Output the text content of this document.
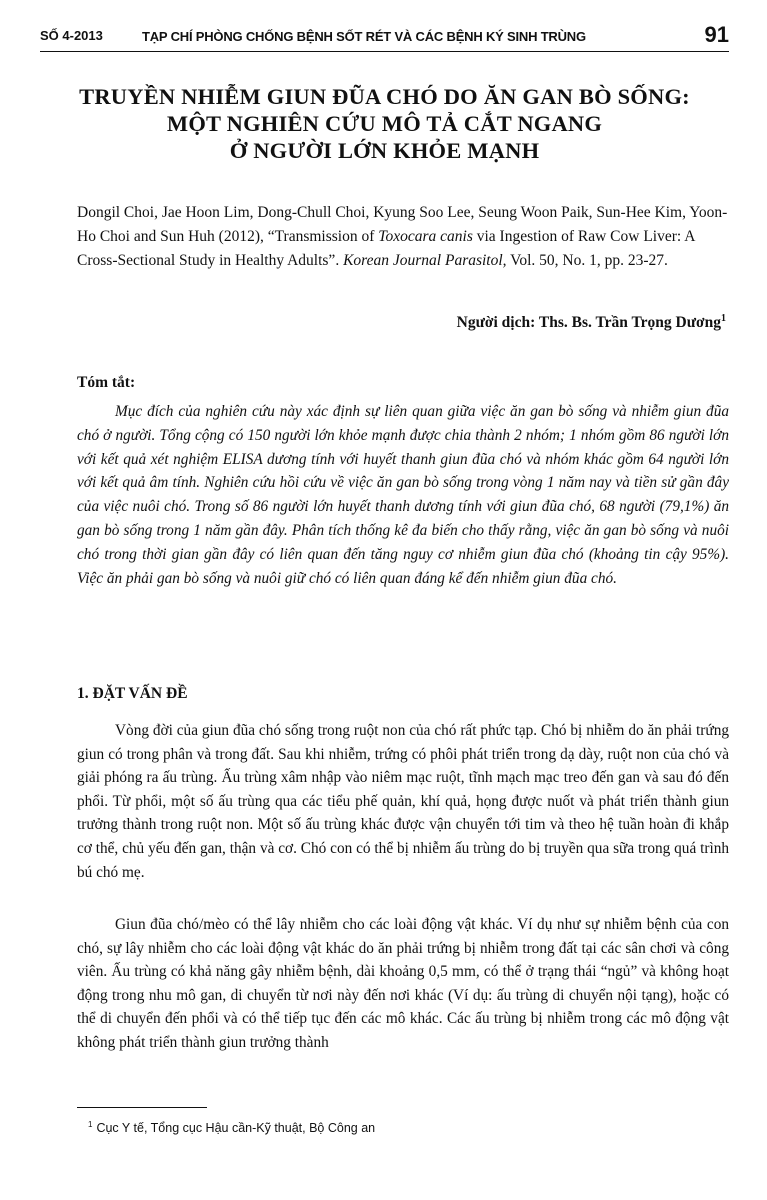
SỐ 4-2013	TẠP CHÍ PHÒNG CHỐNG BỆNH SỐT RÉT VÀ CÁC BỆNH KÝ SINH TRÙNG	91
TRUYỀN NHIỄM GIUN ĐŨA CHÓ DO ĂN GAN BÒ SỐNG:
MỘT NGHIÊN CỨU MÔ TẢ CẮT NGANG
Ở NGƯỜI LỚN KHỎE MẠNH
Dongil Choi, Jae Hoon Lim, Dong-Chull Choi, Kyung Soo Lee, Seung Woon Paik, Sun-Hee Kim, Yoon-Ho Choi and Sun Huh (2012), “Transmission of Toxocara canis via Ingestion of Raw Cow Liver: A Cross-Sectional Study in Healthy Adults”. Korean Journal Parasitol, Vol. 50, No. 1, pp. 23-27.
Người dịch: Ths. Bs. Trần Trọng Dương$^1$
Tóm tắt:
Mục đích của nghiên cứu này xác định sự liên quan giữa việc ăn gan bò sống và nhiễm giun đũa chó ở người. Tổng cộng có 150 người lớn khỏe mạnh được chia thành 2 nhóm; 1 nhóm gồm 86 người lớn với kết quả xét nghiệm ELISA dương tính với huyết thanh giun đũa chó và nhóm khác gồm 64 người lớn với kết quả âm tính. Nghiên cứu hồi cứu về việc ăn gan bò sống trong vòng 1 năm nay và tiền sử gần đây của việc nuôi chó. Trong số 86 người lớn huyết thanh dương tính với giun đũa chó, 68 người (79,1%) ăn gan bò sống trong 1 năm gần đây. Phân tích thống kê đa biến cho thấy rằng, việc ăn gan bò sống và nuôi chó trong thời gian gần đây có liên quan đến tăng nguy cơ nhiễm giun đũa chó (khoảng tin cậy 95%). Việc ăn phải gan bò sống và nuôi giữ chó có liên quan đáng kể đến nhiễm giun đũa chó.
1. ĐẶT VẤN ĐỀ
Vòng đời của giun đũa chó sống trong ruột non của chó rất phức tạp. Chó bị nhiễm do ăn phải trứng giun có trong phân và trong đất. Sau khi nhiễm, trứng có phôi phát triển trong dạ dày, ruột non của chó và giải phóng ra ấu trùng. Ấu trùng xâm nhập vào niêm mạc ruột, tĩnh mạch mạc treo đến gan và sau đó đến phổi. Từ phổi, một số ấu trùng qua các tiểu phế quản, khí quả, họng được nuốt và phát triển thành giun trưởng thành trong ruột non. Một số ấu trùng khác được vận chuyển tới tim và theo hệ tuần hoàn đi khắp cơ thể, chủ yếu đến gan, thận và cơ. Chó con có thể bị nhiễm ấu trùng do bị truyền qua sữa trong quá trình bú chó mẹ.
Giun đũa chó/mèo có thể lây nhiễm cho các loài động vật khác. Ví dụ như sự nhiễm bệnh của con chó, sự lây nhiễm cho các loài động vật khác do ăn phải trứng bị nhiễm trong đất tại các sân chơi và công viên. Ấu trùng có khả năng gây nhiễm bệnh, dài khoảng 0,5 mm, có thể ở trạng thái “ngủ” và không hoạt động trong nhu mô gan, di chuyển từ nơi này đến nơi khác (Ví dụ: ấu trùng di chuyển nội tạng), hoặc có thể di chuyển đến phổi và có thể tiếp tục đến các mô khác. Các ấu trùng bị nhiễm trong các mô động vật không phát triển thành giun trưởng thành
$^1$ Cục Y tế, Tổng cục Hậu cần-Kỹ thuật, Bộ Công an
